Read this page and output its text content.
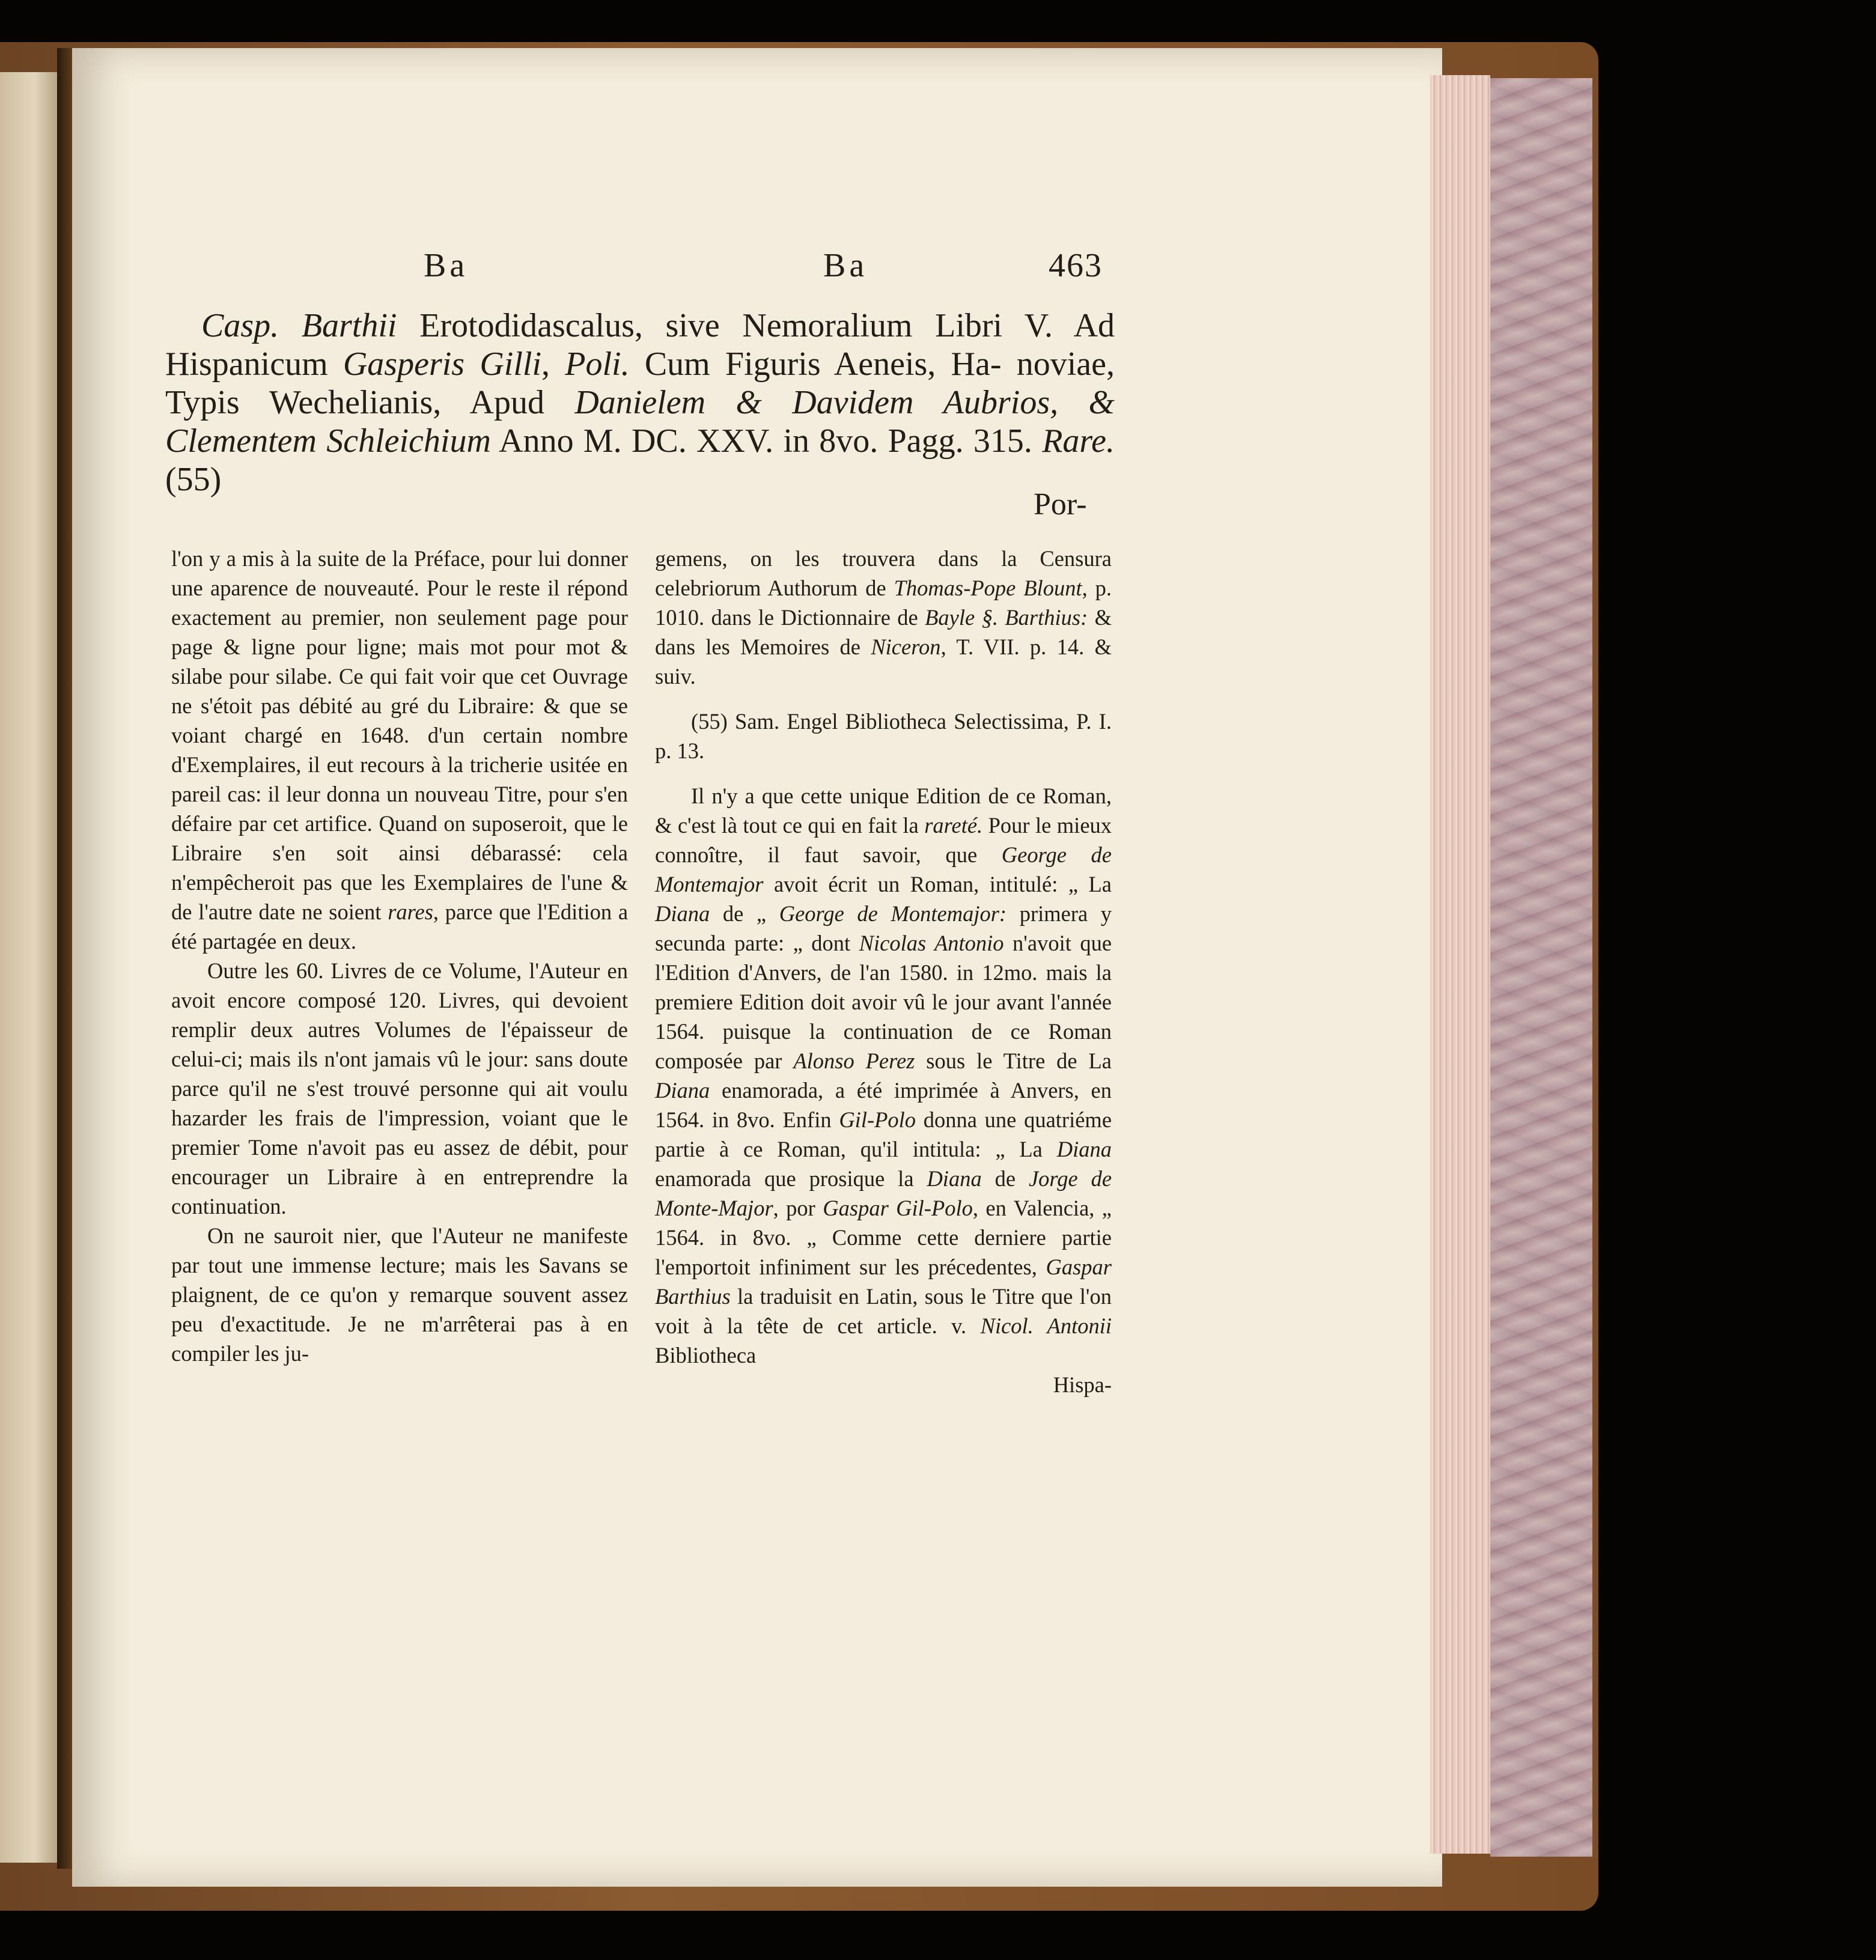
Ba	Ba	463

Casp. Barthii Erotodidascalus, sive Nemoralium Libri V. Ad Hispanicum Gasperis Gilli, Poli. Cum Figuris Aeneis, Ha- noviae, Typis Wechelianis, Apud Danielem & Davidem Aubrios, & Clementem Schleichium Anno M. DC. XXV. in 8vo. Pagg. 315. Rare. (55)

Por-

l'on y a mis à la suite de la Préface, pour lui donner une aparence de nouveauté. Pour le reste il répond exactement au premier, non seulement page pour page & ligne pour ligne; mais mot pour mot & silabe pour silabe. Ce qui fait voir que cet Ouvrage ne s'étoit pas débité au gré du Libraire: & que se voiant chargé en 1648. d'un certain nombre d'Exemplaires, il eut recours à la tricherie usitée en pareil cas: il leur donna un nouveau Titre, pour s'en défaire par cet artifice. Quand on suposeroit, que le Libraire s'en soit ainsi débarassé: cela n'empêcheroit pas que les Exemplaires de l'une & de l'autre date ne soient rares, parce que l'Edition a été partagée en deux.

Outre les 60. Livres de ce Volume, l'Auteur en avoit encore composé 120. Livres, qui devoient remplir deux autres Volumes de l'épaisseur de celui-ci; mais ils n'ont jamais vû le jour: sans doute parce qu'il ne s'est trouvé personne qui ait voulu hazarder les frais de l'impression, voiant que le premier Tome n'avoit pas eu assez de débit, pour encourager un Libraire à en entreprendre la continuation.

On ne sauroit nier, que l'Auteur ne manifeste par tout une immense lecture; mais les Savans se plaignent, de ce qu'on y remarque souvent assez peu d'exactitude. Je ne m'arrêterai pas à en compiler les ju-

gemens, on les trouvera dans la Censura celebriorum Authorum de Thomas-Pope Blount, p. 1010. dans le Dictionnaire de Bayle §. Barthius: & dans les Memoires de Niceron, T. VII. p. 14. & suiv.

(55) Sam. Engel Bibliotheca Selectissima, P. I. p. 13.

Il n'y a que cette unique Edition de ce Roman, & c'est là tout ce qui en fait la rareté. Pour le mieux connoître, il faut savoir, que George de Montemajor avoit écrit un Roman, intitulé: „ La Diana de „ George de Montemajor: primera y secunda parte: „ dont Nicolas Antonio n'avoit que l'Edition d'Anvers, de l'an 1580. in 12mo. mais la premiere Edition doit avoir vû le jour avant l'année 1564. puisque la continuation de ce Roman composée par Alonso Perez sous le Titre de La Diana enamorada, a été imprimée à Anvers, en 1564. in 8vo. Enfin Gil-Polo donna une quatriéme partie à ce Roman, qu'il intitula: „ La Diana enamorada que prosique la Diana de Jorge de Monte-Major, por Gaspar Gil-Polo, en Valencia, „ 1564. in 8vo. „ Comme cette derniere partie l'emportoit infiniment sur les précedentes, Gaspar Barthius la traduisit en Latin, sous le Titre que l'on voit à la tête de cet article. v. Nicol. Antonii Bibliotheca

Hispa-
